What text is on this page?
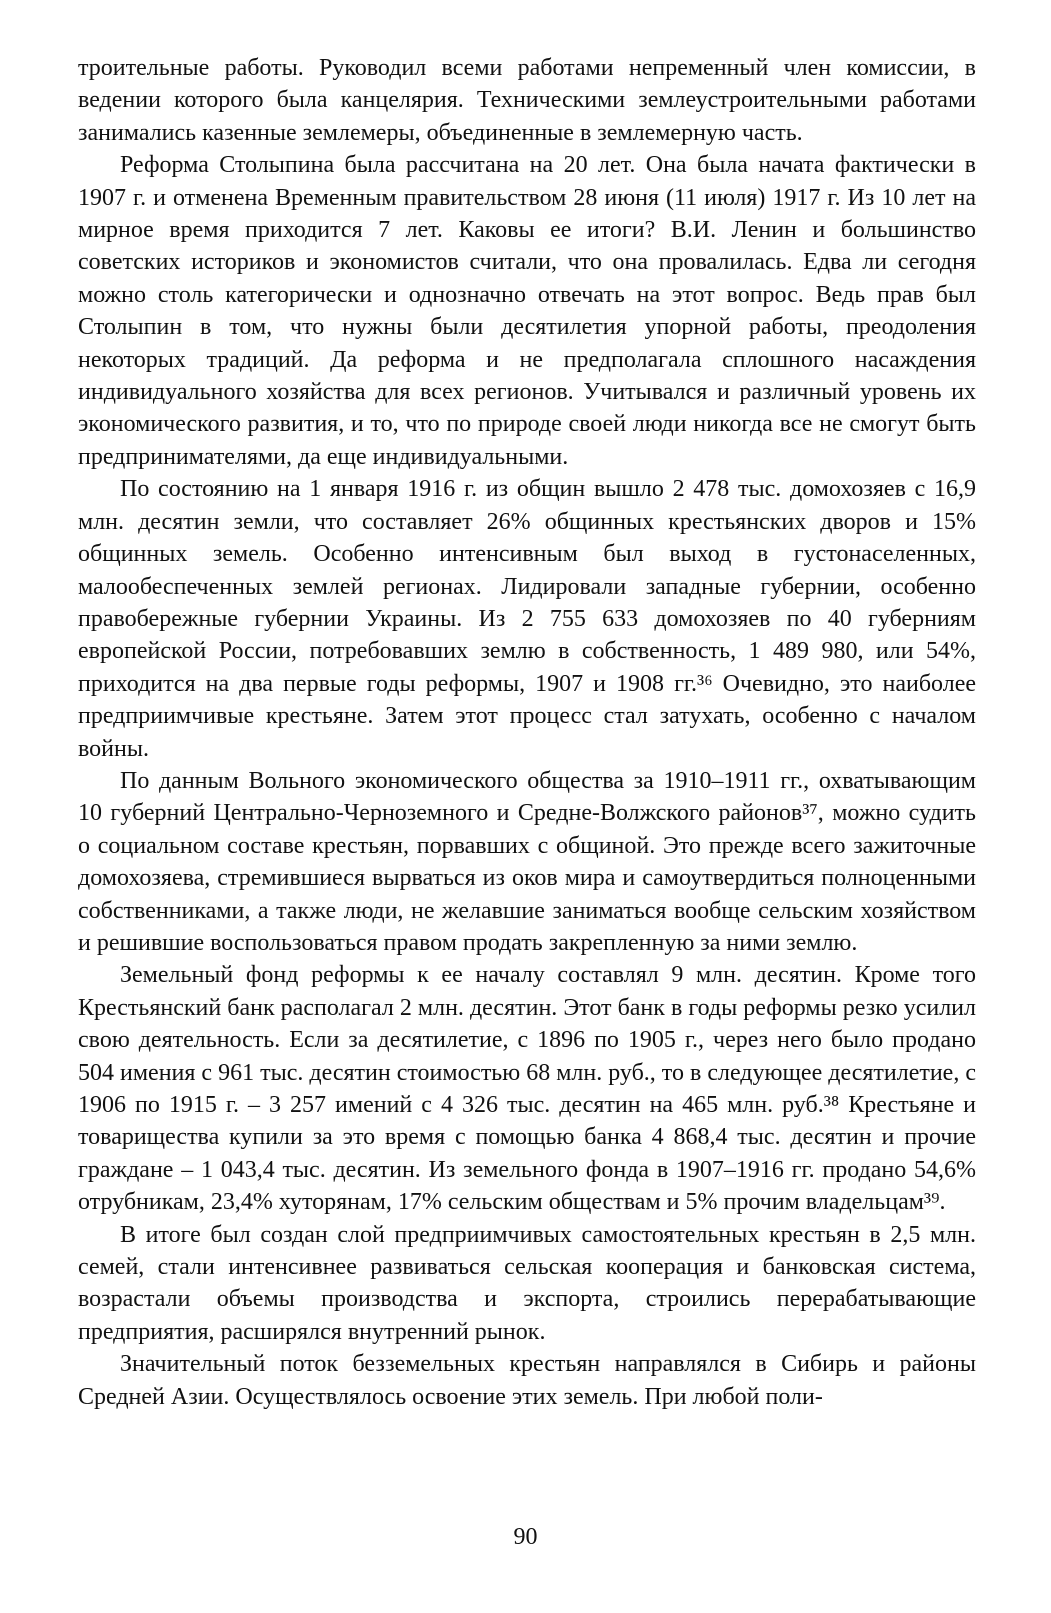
троительные работы. Руководил всеми работами непременный член комиссии, в ведении которого была канцелярия. Техническими землеустроительными работами занимались казенные землемеры, объединенные в землемерную часть.

Реформа Столыпина была рассчитана на 20 лет. Она была начата фактически в 1907 г. и отменена Временным правительством 28 июня (11 июля) 1917 г. Из 10 лет на мирное время приходится 7 лет. Каковы ее итоги? В.И. Ленин и большинство советских историков и экономистов считали, что она провалилась. Едва ли сегодня можно столь категорически и однозначно отвечать на этот вопрос. Ведь прав был Столыпин в том, что нужны были десятилетия упорной работы, преодоления некоторых традиций. Да реформа и не предполагала сплошного насаждения индивидуального хозяйства для всех регионов. Учитывался и различный уровень их экономического развития, и то, что по природе своей люди никогда все не смогут быть предпринимателями, да еще индивидуальными.

По состоянию на 1 января 1916 г. из общин вышло 2 478 тыс. домохозяев с 16,9 млн. десятин земли, что составляет 26% общинных крестьянских дворов и 15% общинных земель. Особенно интенсивным был выход в густонаселенных, малообеспеченных землей регионах. Лидировали западные губернии, особенно правобережные губернии Украины. Из 2 755 633 домохозяев по 40 губерниям европейской России, потребовавших землю в собственность, 1 489 980, или 54%, приходится на два первые годы реформы, 1907 и 1908 гг.³⁶ Очевидно, это наиболее предприимчивые крестьяне. Затем этот процесс стал затухать, особенно с началом войны.

По данным Вольного экономического общества за 1910–1911 гг., охватывающим 10 губерний Центрально-Черноземного и Средне-Волжского районов³⁷, можно судить о социальном составе крестьян, порвавших с общиной. Это прежде всего зажиточные домохозяева, стремившиеся вырваться из оков мира и самоутвердиться полноценными собственниками, а также люди, не желавшие заниматься вообще сельским хозяйством и решившие воспользоваться правом продать закрепленную за ними землю.

Земельный фонд реформы к ее началу составлял 9 млн. десятин. Кроме того Крестьянский банк располагал 2 млн. десятин. Этот банк в годы реформы резко усилил свою деятельность. Если за десятилетие, с 1896 по 1905 г., через него было продано 504 имения с 961 тыс. десятин стоимостью 68 млн. руб., то в следующее десятилетие, с 1906 по 1915 г. – 3 257 имений с 4 326 тыс. десятин на 465 млн. руб.³⁸ Крестьяне и товарищества купили за это время с помощью банка 4 868,4 тыс. десятин и прочие граждане – 1 043,4 тыс. десятин. Из земельного фонда в 1907–1916 гг. продано 54,6% отрубникам, 23,4% хуторянам, 17% сельским обществам и 5% прочим владельцам³⁹.

В итоге был создан слой предприимчивых самостоятельных крестьян в 2,5 млн. семей, стали интенсивнее развиваться сельская кооперация и банковская система, возрастали объемы производства и экспорта, строились перерабатывающие предприятия, расширялся внутренний рынок.

Значительный поток безземельных крестьян направлялся в Сибирь и районы Средней Азии. Осуществлялось освоение этих земель. При любой поли-

90
